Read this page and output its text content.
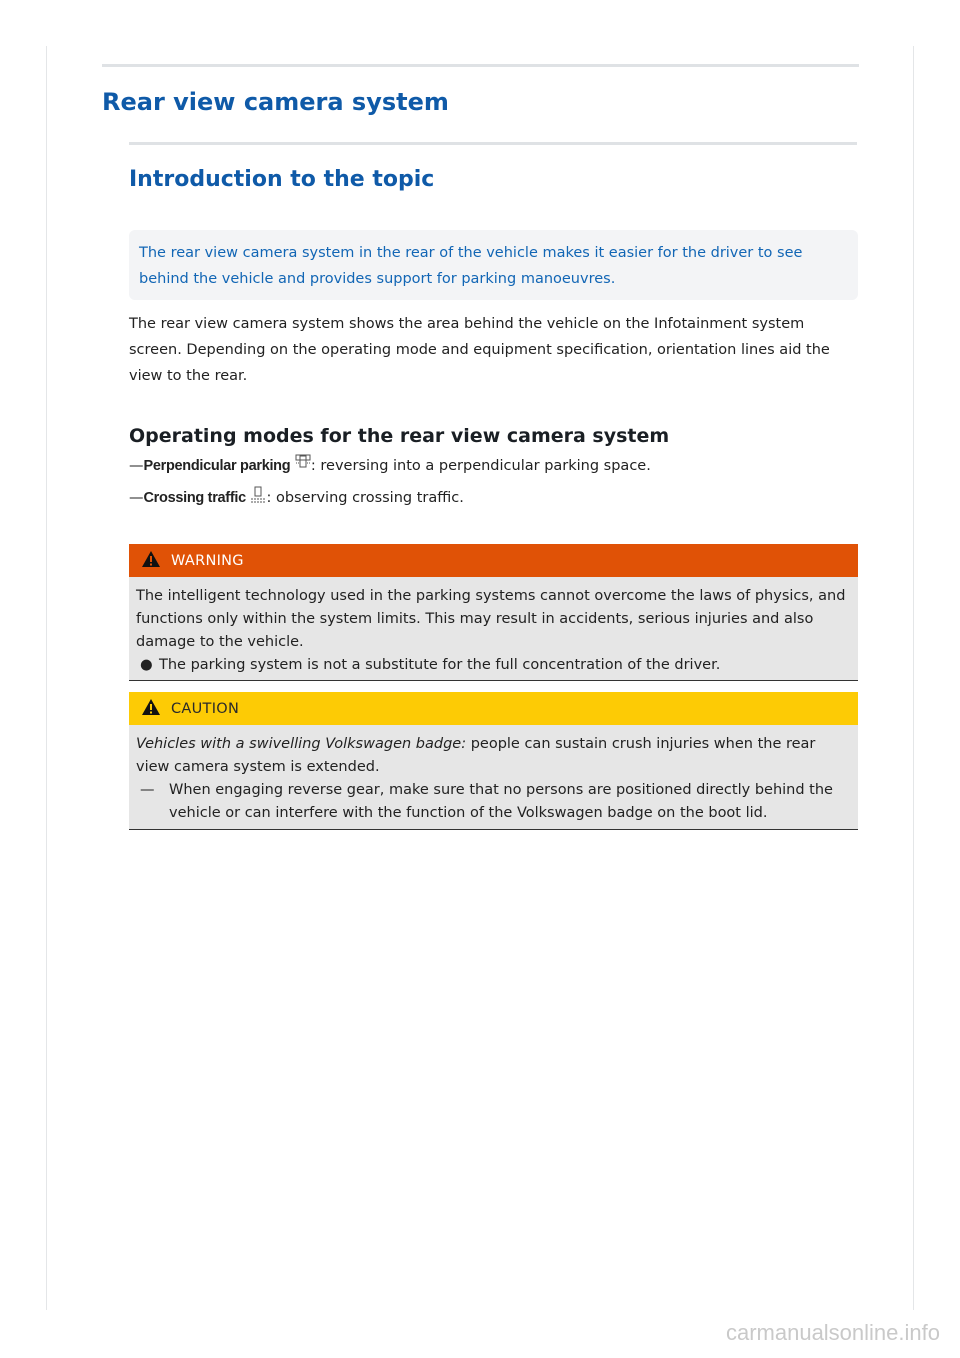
Rear view camera system
Introduction to the topic
The rear view camera system in the rear of the vehicle makes it easier for the driver to see behind the vehicle and provides support for parking manoeuvres.
The rear view camera system shows the area behind the vehicle on the Infotainment system screen. Depending on the operating mode and equipment specification, orientation lines aid the view to the rear.
Operating modes for the rear view camera system
—Perpendicular parking : reversing into a perpendicular parking space.
—Crossing traffic : observing crossing traffic.
WARNING
The intelligent technology used in the parking systems cannot overcome the laws of physics, and functions only within the system limits. This may result in accidents, serious injuries and also damage to the vehicle.
● The parking system is not a substitute for the full concentration of the driver.
CAUTION
Vehicles with a swivelling Volkswagen badge: people can sustain crush injuries when the rear view camera system is extended.
—	When engaging reverse gear, make sure that no persons are positioned directly behind the vehicle or can interfere with the function of the Volkswagen badge on the boot lid.
carmanualsonline.info
